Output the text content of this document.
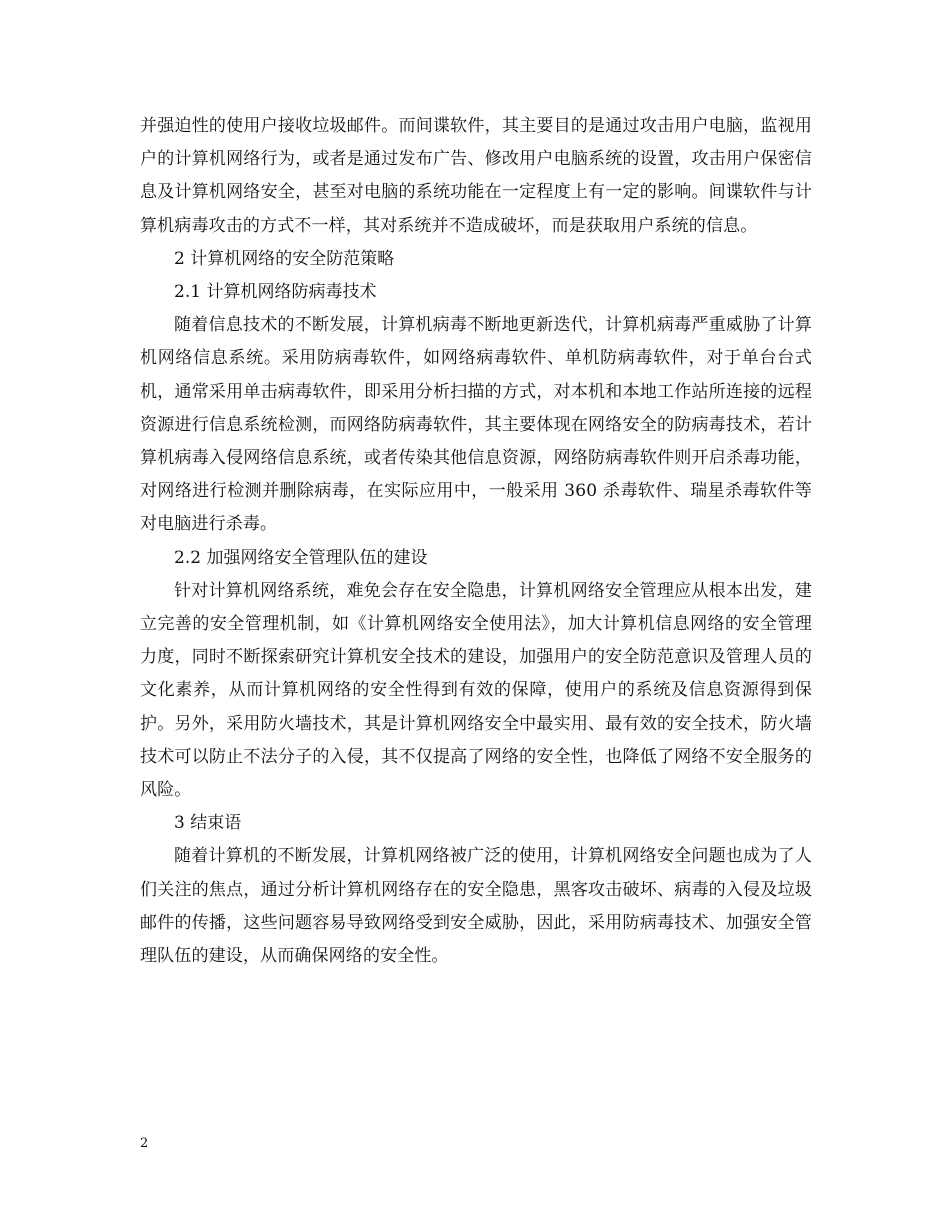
并强迫性的使用户接收垃圾邮件。而间谍软件，其主要目的是通过攻击用户电脑，监视用户的计算机网络行为，或者是通过发布广告、修改用户电脑系统的设置，攻击用户保密信息及计算机网络安全，甚至对电脑的系统功能在一定程度上有一定的影响。间谍软件与计算机病毒攻击的方式不一样，其对系统并不造成破坏，而是获取用户系统的信息。

2 计算机网络的安全防范策略

2.1 计算机网络防病毒技术

随着信息技术的不断发展，计算机病毒不断地更新迭代，计算机病毒严重威胁了计算机网络信息系统。采用防病毒软件，如网络病毒软件、单机防病毒软件，对于单台台式机，通常采用单击病毒软件，即采用分析扫描的方式，对本机和本地工作站所连接的远程资源进行信息系统检测，而网络防病毒软件，其主要体现在网络安全的防病毒技术，若计算机病毒入侵网络信息系统，或者传染其他信息资源，网络防病毒软件则开启杀毒功能，对网络进行检测并删除病毒，在实际应用中，一般采用 360 杀毒软件、瑞星杀毒软件等对电脑进行杀毒。

2.2 加强网络安全管理队伍的建设

针对计算机网络系统，难免会存在安全隐患，计算机网络安全管理应从根本出发，建立完善的安全管理机制，如《计算机网络安全使用法》，加大计算机信息网络的安全管理力度，同时不断探索研究计算机安全技术的建设，加强用户的安全防范意识及管理人员的文化素养，从而计算机网络的安全性得到有效的保障，使用户的系统及信息资源得到保护。另外，采用防火墙技术，其是计算机网络安全中最实用、最有效的安全技术，防火墙技术可以防止不法分子的入侵，其不仅提高了网络的安全性，也降低了网络不安全服务的风险。

3 结束语

随着计算机的不断发展，计算机网络被广泛的使用，计算机网络安全问题也成为了人们关注的焦点，通过分析计算机网络存在的安全隐患，黑客攻击破坏、病毒的入侵及垃圾邮件的传播，这些问题容易导致网络受到安全威胁，因此，采用防病毒技术、加强安全管理队伍的建设，从而确保网络的安全性。

2
